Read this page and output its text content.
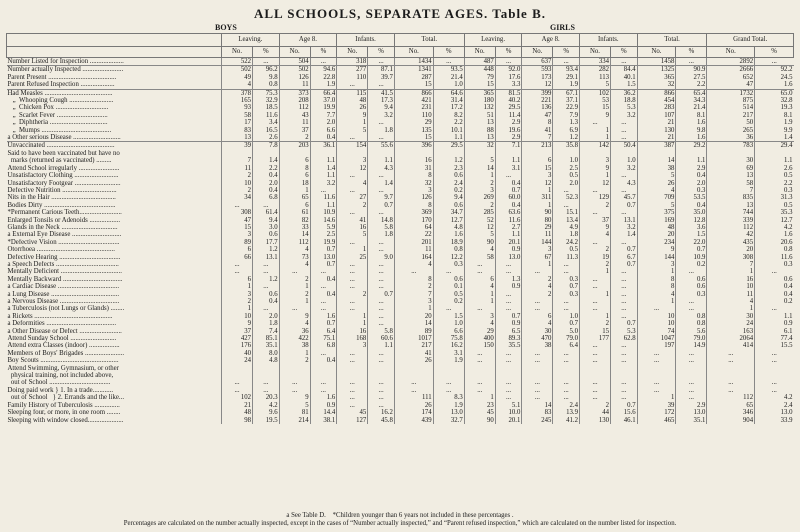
ALL SCHOOLS, SEPARATE AGES. Table B.
BOYS	GIRLS
	Leaving.		Age 8.		Infants.		Total.		Leaving.		Age 8.		Infants.		Total.		Grand Total.	
	No.	%	No.	%	No.	%	No.	%	No.	%	No.	%	No.	%	No.	%	No.	%
Number Listed for Inspection ....................	522	...	504	...	318	...	1434	...	487	...	637	...	334	...	1458	...	2892	...
Number actually Inspected ........................	502	96.2	502	94.6	277	87.1	1341	93.5	448	92.0	593	93.4	282	84.4	1325	90.9	2666	92.2
Parent Present ........................................	49	9.8	126	22.8	110	39.7	287	21.4	79	17.6	173	29.1	113	40.1	365	27.5	652	24.5
Parent Refused Inspection ....................	4	0.8	11	1.9	...	...	15	1.0	15	3.3	12	1.9	5	1.5	32	2.2	47	1.6
Had Measles ........................................	378	75.3	373	66.4	115	41.5	866	64.6	365	81.5	399	67.1	102	36.2	866	65.4	1732	65.0
„  Whooping Cough ..........................	165	32.9	208	37.0	48	17.3	421	31.4	180	40.2	221	37.1	53	18.8	454	34.3	875	32.8
„  Chicken Pox ...............................	93	18.5	112	19.9	26	9.4	231	17.2	132	29.5	136	22.9	15	5.3	283	21.4	514	19.3
„  Scarlet Fever ..............................	58	11.6	43	7.7	9	3.2	110	8.2	51	11.4	47	7.9	9	3.2	107	8.1	217	8.1
„  Diphtheria ..................................	17	3.4	11	2.0	1	...	29	2.2	13	2.9	8	1.3	...	...	21	1.6	50	1.9
„  Mumps .........................................	83	16.5	37	6.6	5	1.8	135	10.1	88	19.6	41	6.9	1	...	130	9.8	265	9.9
a Other serious Disease ............................	13	2.6	2	0.4	...	...	15	1.1	13	2.9	7	1.2	1	...	21	1.6	36	1.4
Unvaccinated ........................................	39	7.8	203	36.1	154	55.6	396	29.5	32	7.1	213	35.8	142	50.4	387	29.2	783	29.4
Said to have been vaccinated but have no																		
marks (returned as vaccinated) .........	7	1.4	6	1.1	3	1.1	16	1.2	5	1.1	6	1.0	3	1.0	14	1.1	30	1.1
Attend School irregularly ........................	11	2.2	8	1.4	12	4.3	31	2.3	14	3.1	15	2.5	9	3.2	38	2.9	69	2.6
Unsatisfactory Clothing ..........................	2	0.4	6	1.1	...	...	8	0.6	1	...	3	0.5	1	...	5	0.4	13	0.5
Unsatisfactory Footgear ...........................	10	2.0	18	3.2	4	1.4	32	2.4	2	0.4	12	2.0	12	4.3	26	2.0	58	2.2
Defective Nutrition ................................	2	0.4	1	...	...	...	3	0.2	3	0.7	1	...	...	...	4	0.3	7	0.3
Nits in the Hair ......................................	34	6.8	65	11.6	27	9.7	126	9.4	269	60.0	311	52.3	129	45.7	709	53.5	835	31.3
Bodies Dirty ..........................................	...	...	6	1.1	2	0.7	8	0.6	2	0.4	1	...	2	0.7	5	0.4	13	0.5
*Permanent Carious Teeth.........................	308	61.4	61	10.9	...	...	369	34.7	285	63.6	90	15.1	...	...	375	35.0	744	35.3
Enlarged Tonsils or Adenoids ..................	47	9.4	82	14.6	41	14.8	170	12.7	52	11.6	80	13.4	37	13.1	169	12.8	339	12.7
Glands in the Neck .................................	15	3.0	33	5.9	16	5.8	64	4.8	12	2.7	29	4.9	9	3.2	48	3.6	112	4.2
a External Eye Disease .............................	3	0.6	14	2.5	5	1.8	22	1.6	5	1.1	11	1.8	4	1.4	20	1.5	42	1.6
*Defective Vision ....................................	89	17.7	112	19.9	...	...	201	18.9	90	20.1	144	24.2	...	...	234	22.0	435	20.6
Otorrhoea ..............................................	6	1.2	4	0.7	1	...	11	0.8	4	0.9	3	0.5	2	0.7	9	0.7	20	0.8
Defective Hearing ....................................	66	13.1	73	13.0	25	9.0	164	12.2	58	13.0	67	11.3	19	6.7	144	10.9	308	11.6
a Speech Defects .....................................	...	...	4	0.7	...	...	4	0.3	...	...	1	...	2	0.7	3	0.2	7	0.3
Mentally Deficient ....................................	...	...	...	...	...	...	...	...	...	...	...	...	1	...	1	...	1	...
Mentally Backward ...................................	6	1.2	2	0.4	...	...	8	0.6	6	1.3	2	0.3	...	...	8	0.6	16	0.6
a Cardiac Disease ....................................	1	...	1	...	...	...	2	0.1	4	0.9	4	0.7	...	...	8	0.6	10	0.4
a Lung Disease ........................................	3	0.6	2	0.4	2	0.7	7	0.5	1	...	2	0.3	1	...	4	0.3	11	0.4
a Nervous Disease ...................................	2	0.4	1	...	...	...	3	0.2	1	...	...	...	...	...	1	...	4	0.2
a Tuberculosis (not Lungs or Glands) ........	1	...	...	...	...	...	1	...	...	...	...	...	...	...	...	...	1	...
a Rickets ..............................................	10	2.0	9	1.6	1	...	20	1.5	3	0.7	6	1.0	1	...	10	0.8	30	1.1
a Deformities .........................................	9	1.8	4	0.7	1	...	14	1.0	4	0.9	4	0.7	2	0.7	10	0.8	24	0.9
a Other Disease or Defect .........................	37	7.4	36	6.4	16	5.8	89	6.6	29	6.5	30	5.0	15	5.3	74	5.6	163	6.1
Attend Sunday School ...........................	427	85.1	422	75.1	168	60.6	1017	75.8	400	89.3	470	79.0	177	62.8	1047	79.0	2064	77.4
Attend extra Classes (indoor) ..................	176	35.1	38	6.8	3	1.1	217	16.2	150	35.5	38	6.4	...	...	197	14.9	414	15.5
Members of Boys' Brigades .......................	40	8.0	1	...	...	...	41	3.1	...	...	...	...	...	...	...	...	...	...
Boy Scouts ..............................................	24	4.8	2	0.4	...	...	26	1.9	...	...	...	...	...	...	...	...	...	...
Attend Swimming, Gymnasium, or other																		
physical training, not included above,																		
out of School ....................................	...	...	...	...	...	...	...	...	...	...	...	...	...	...	...	...	...	...
Doing paid work } 1. In a trade............	...	...	...	...	...	...	...	...	...	...	...	...	...	...	...	...	...	...
out of School   } 2. Errands and the like...	102	20.3	9	1.6	...	...	111	8.3	1	...	...	...	...	...	1	...	112	4.2
Family History of Tuberculosis ...............	21	4.2	5	0.9	...	...	26	1.9	23	5.1	14	2.4	2	0.7	39	2.9	65	2.4
Sleeping four, or more, in one room ........	48	9.6	81	14.4	45	16.2	174	13.0	45	10.0	83	13.9	44	15.6	172	13.0	346	13.0
Sleeping with window closed.....................	98	19.5	214	38.1	127	45.8	439	32.7	90	20.1	245	41.2	130	46.1	465	35.1	904	33.9
a See Table D.    *Children younger than 6 years not included in these percentages .
Percentages are calculated on the number actually inspected, except in the cases of “Number actually inspected,” and “Parent refused inspection,” which are calculated on the number listed for inspection.
